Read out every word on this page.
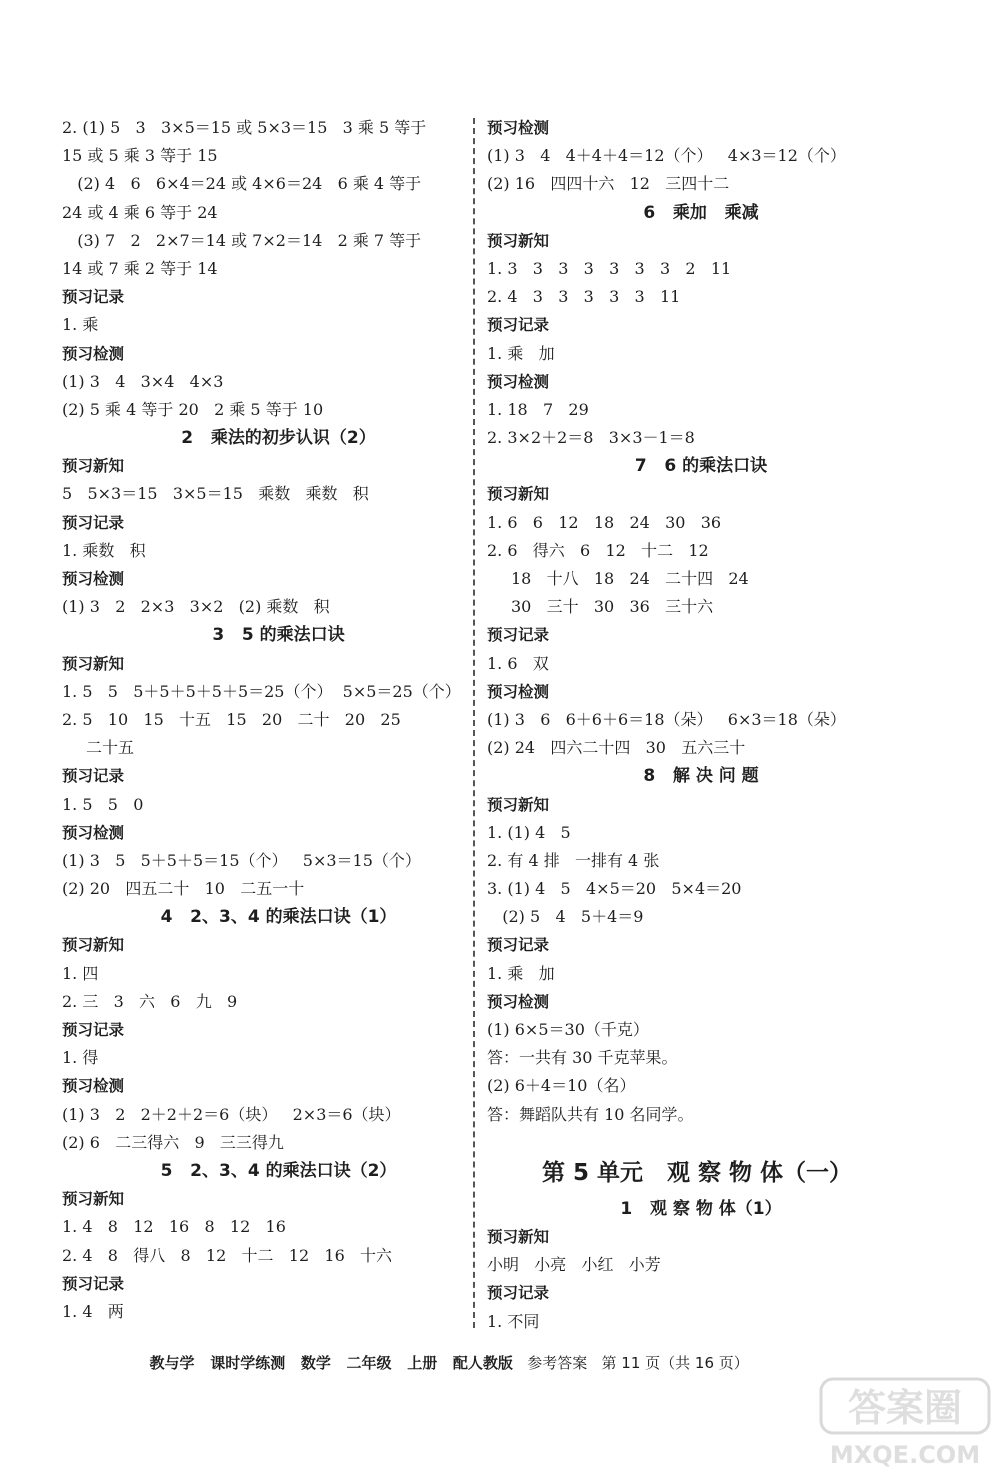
2. (1) 5   3   3×5＝15 或 5×3＝15   3 乘 5 等于
15 或 5 乘 3 等于 15
(2) 4   6   6×4＝24 或 4×6＝24   6 乘 4 等于
24 或 4 乘 6 等于 24
(3) 7   2   2×7＝14 或 7×2＝14   2 乘 7 等于
14 或 7 乘 2 等于 14
预习记录
1. 乘
预习检测
(1) 3   4   3×4   4×3
(2) 5 乘 4 等于 20   2 乘 5 等于 10
2   乘法的初步认识（2）
预习新知
5   5×3＝15   3×5＝15   乘数   乘数   积
预习记录
1. 乘数   积
预习检测
(1) 3   2   2×3   3×2   (2) 乘数   积
3   5 的乘法口诀
预习新知
1. 5   5   5＋5＋5＋5＋5＝25（个）  5×5＝25（个）
2. 5   10   15   十五   15   20   二十   20   25
二十五
预习记录
1. 5   5   0
预习检测
(1) 3   5   5＋5＋5＝15（个）   5×3＝15（个）
(2) 20   四五二十   10   二五一十
4   2、3、4 的乘法口诀（1）
预习新知
1. 四
2. 三   3   六   6   九   9
预习记录
1. 得
预习检测
(1) 3   2   2＋2＋2＝6（块）   2×3＝6（块）
(2) 6   二三得六   9   三三得九
5   2、3、4 的乘法口诀（2）
预习新知
1. 4   8   12   16   8   12   16
2. 4   8   得八   8   12   十二   12   16   十六
预习记录
1. 4   两
预习检测
(1) 3   4   4＋4＋4＝12（个）   4×3＝12（个）
(2) 16   四四十六   12   三四十二
6   乘加   乘减
预习新知
1. 3   3   3   3   3   3   3   2   11
2. 4   3   3   3   3   3   11
预习记录
1. 乘   加
预习检测
1. 18   7   29
2. 3×2＋2＝8   3×3－1＝8
7   6 的乘法口诀
预习新知
1. 6   6   12   18   24   30   36
2. 6   得六   6   12   十二   12
18   十八   18   24   二十四   24
30   三十   30   36   三十六
预习记录
1. 6   双
预习检测
(1) 3   6   6＋6＋6＝18（朵）   6×3＝18（朵）
(2) 24   四六二十四   30   五六三十
8   解 决 问 题
预习新知
1. (1) 4   5
2. 有 4 排   一排有 4 张
3. (1) 4   5   4×5＝20   5×4＝20
(2) 5   4   5＋4＝9
预习记录
1. 乘   加
预习检测
(1) 6×5＝30（千克）
答：一共有 30 千克苹果。
(2) 6＋4＝10（名）
答：舞蹈队共有 10 名同学。
第 5 单元   观 察 物 体（一）
1   观 察 物 体（1）
预习新知
小明   小亮   小红   小芳
预习记录
1. 不同

教与学   课时学练测   数学   二年级   上册   配人教版 参考答案   第 11 页（共 16 页）

答案圈
MXQE.COM
